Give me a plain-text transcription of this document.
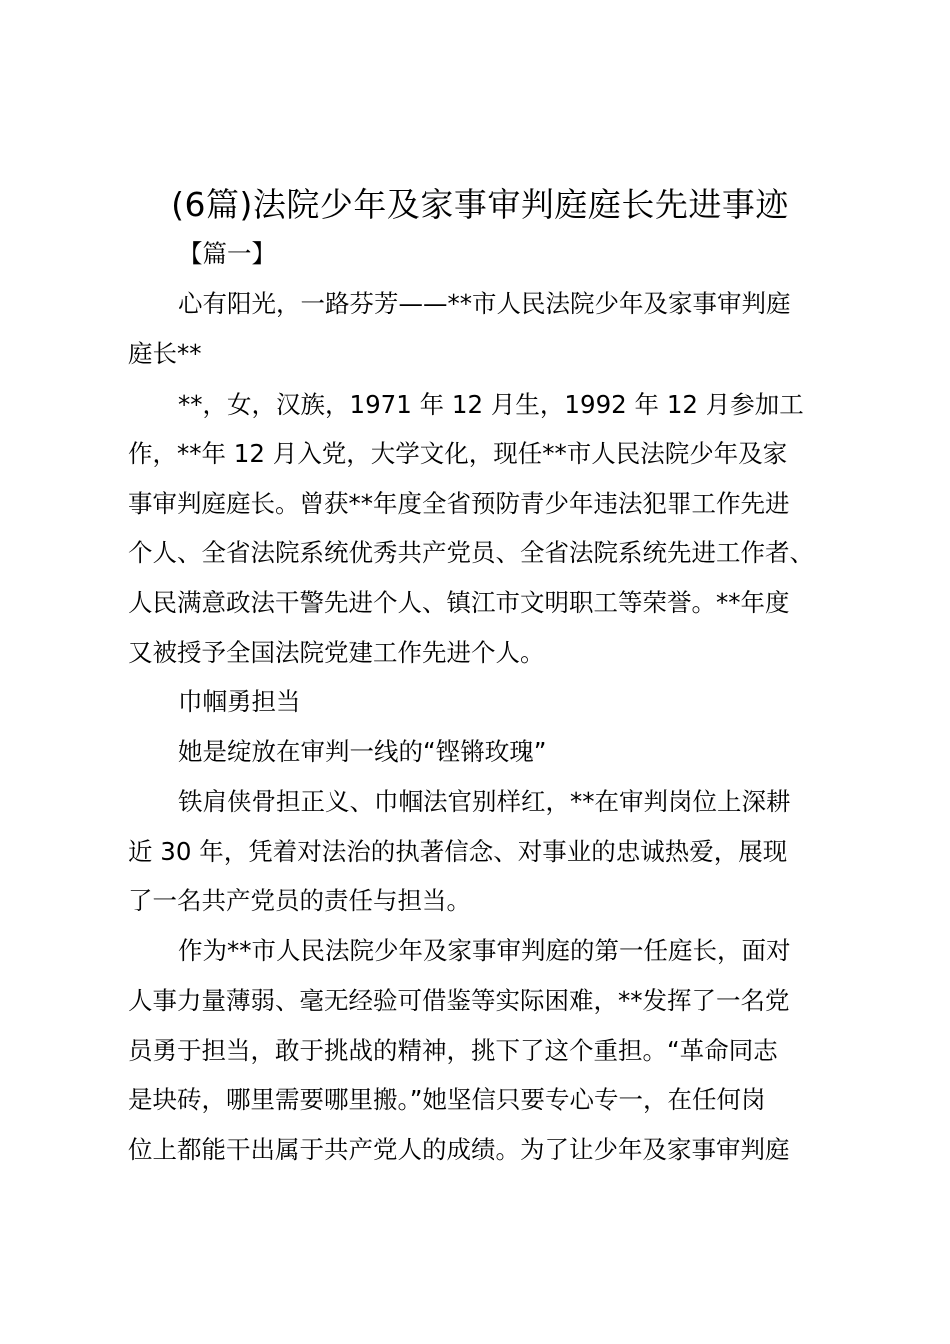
(6篇)法院少年及家事审判庭庭长先进事迹

【篇一】

心有阳光，一路芬芳——**市人民法院少年及家事审判庭

庭长**

**，女，汉族，1971 年 12 月生，1992 年 12 月参加工

作，**年 12 月入党，大学文化，现任**市人民法院少年及家

事审判庭庭长。曾获**年度全省预防青少年违法犯罪工作先进

个人、全省法院系统优秀共产党员、全省法院系统先进工作者、

人民满意政法干警先进个人、镇江市文明职工等荣誉。**年度

又被授予全国法院党建工作先进个人。

巾帼勇担当

她是绽放在审判一线的“铿锵玫瑰”

铁肩侠骨担正义、巾帼法官别样红，**在审判岗位上深耕

近 30 年，凭着对法治的执著信念、对事业的忠诚热爱，展现

了一名共产党员的责任与担当。

作为**市人民法院少年及家事审判庭的第一任庭长，面对

人事力量薄弱、毫无经验可借鉴等实际困难，**发挥了一名党

员勇于担当，敢于挑战的精神，挑下了这个重担。“革命同志

是块砖，哪里需要哪里搬。”她坚信只要专心专一，在任何岗

位上都能干出属于共产党人的成绩。为了让少年及家事审判庭
